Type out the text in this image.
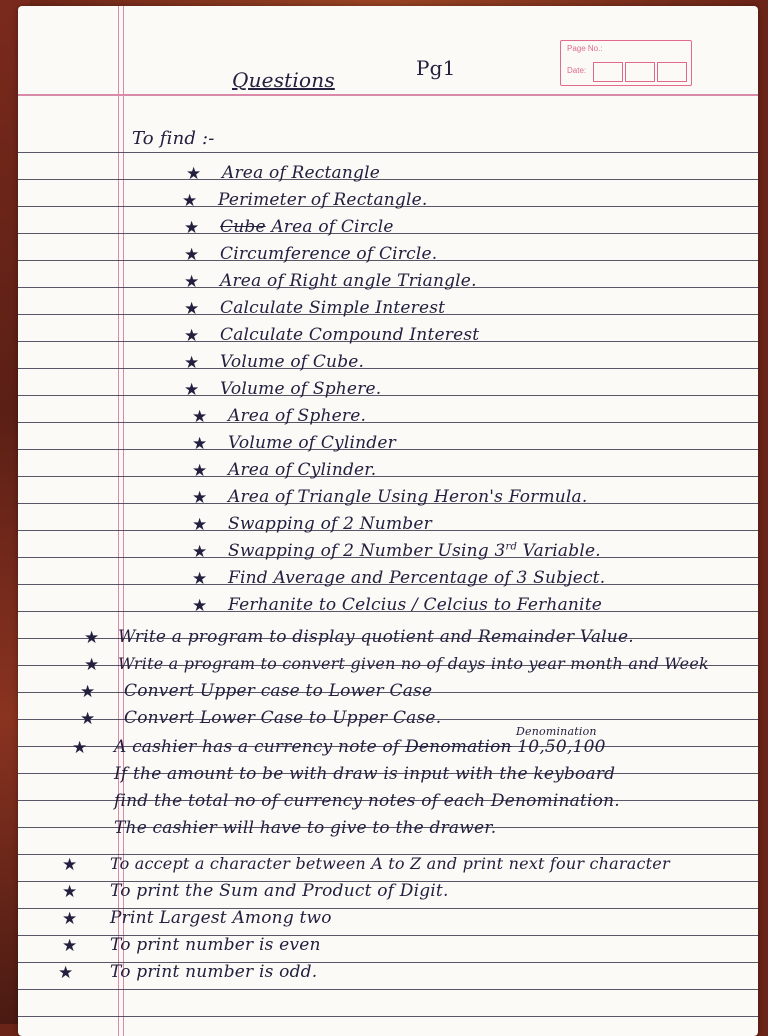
Page No.:
Date:
Questions	Pg1
To find :-
★ Area of Rectangle
★ Perimeter of Rectangle.
★ Cube Area of Circle
★ Circumference of Circle.
★ Area of Right angle Triangle.
★ Calculate Simple Interest
★ Calculate Compound Interest
★ Volume of Cube.
★ Volume of Sphere.
★ Area of Sphere.
★ Volume of Cylinder
★ Area of Cylinder.
★ Area of Triangle Using Heron's Formula.
★ Swapping of 2 Number
★ Swapping of 2 Number Using 3rd Variable.
★ Find Average and Percentage of 3 Subject.
★ Ferhanite to Celcius / Celcius to Ferhanite
★ Write a program to display quotient and Remainder Value.
★ Write a program to convert given no of days into year month and Week
★ Convert Upper case to Lower Case
★ Convert Lower Case to Upper Case.
★ A cashier has a currency note of Denomation 10,50,100
Denomination
If the amount to be with draw is input with the keyboard
find the total no of currency notes of each Denomination.
The cashier will have to give to the drawer.
★ To accept a character between A to Z and print next four character
★ To print the Sum and Product of Digit.
★ Print Largest Among two
★ To print number is even
★ To print number is odd.
